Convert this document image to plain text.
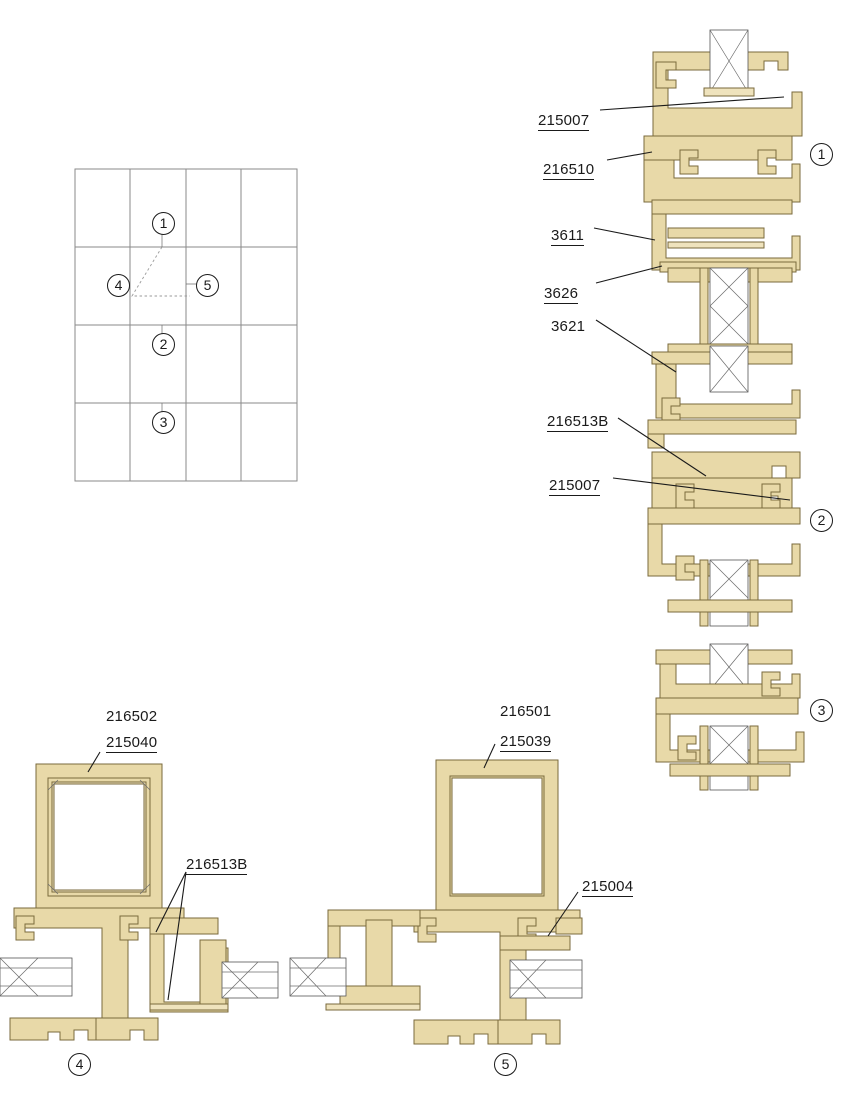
215007
216510
3611
3626
3621
216513B
215007
216502
215040
216513B
216501
215039
215004
1
2
3
4	5
1
2
3
4	5
